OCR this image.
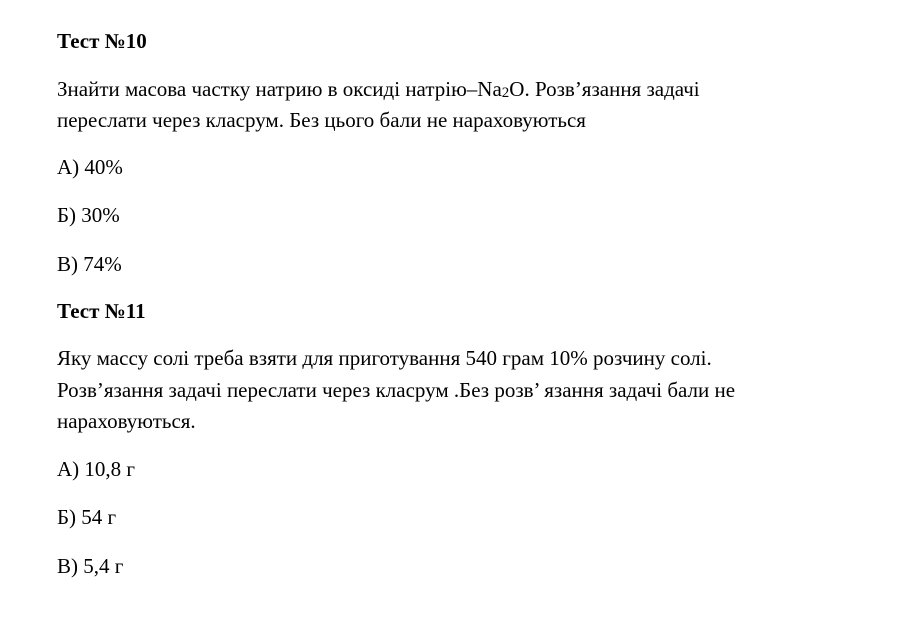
Тест №10
Знайти масова частку натрию в оксиді натрію–$Na_2O$. Розв’язання задачі
переслати через класрум. Без цього бали не нараховуються
А) 40%
Б) 30%
В) 74%
Тест №11
Яку массу солі треба взяти для приготування 540 грам 10% розчину солі.
Розв’язання задачі переслати через класрум .Без розв’ язання задачі бали не
нараховуються.
А) 10,8 г
Б) 54 г
В) 5,4 г
